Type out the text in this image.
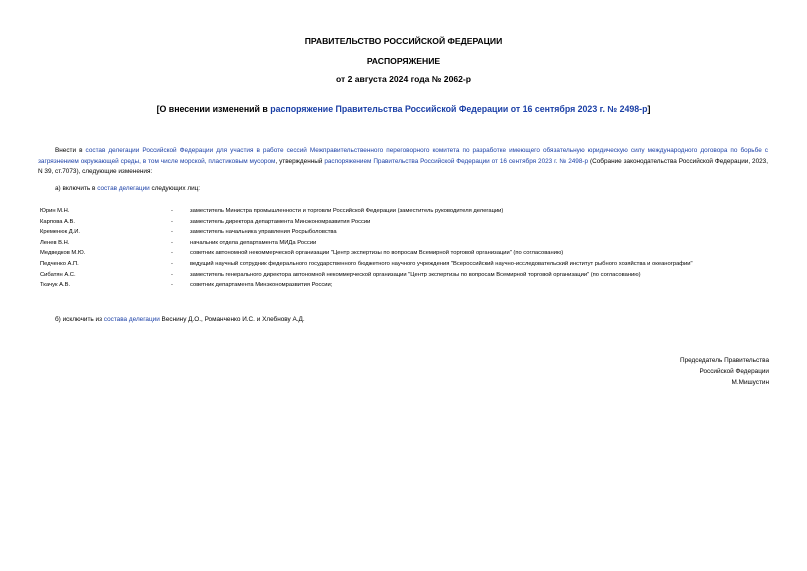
ПРАВИТЕЛЬСТВО РОССИЙСКОЙ ФЕДЕРАЦИИ
РАСПОРЯЖЕНИЕ
от 2 августа 2024 года № 2062-р
[О внесении изменений в распоряжение Правительства Российской Федерации от 16 сентября 2023 г. № 2498-р]
Внести в состав делегации Российской Федерации для участия в работе сессий Межправительственного переговорного комитета по разработке имеющего обязательную юридическую силу международного договора по борьбе с загрязнением окружающей среды, в том числе морской, пластиковым мусором, утвержденный распоряжением Правительства Российской Федерации от 16 сентября 2023 г. № 2498-р (Собрание законодательства Российской Федерации, 2023, N 39, ст.7073), следующие изменения:
а) включить в состав делегации следующих лиц:
Юрин М.Н.	-	заместитель Министра промышленности и торговли Российской Федерации (заместитель руководителя делегации)
Карпова А.В.	-	заместитель директора департамента Минэкономразвития России
Кременюк Д.И.	-	заместитель начальника управления Росрыболовства
Ленев В.Н.	-	начальник отдела департамента МИДа России
Медведков М.Ю.	-	советник автономной некоммерческой организации "Центр экспертизы по вопросам Всемирной торговой организации" (по согласованию)
Педченко А.П.	-	ведущий научный сотрудник федерального государственного бюджетного научного учреждения "Всероссийский научно-исследовательский институт рыбного хозяйства и океанографии"
Сибатян А.С.	-	заместитель генерального директора автономной некоммерческой организации "Центр экспертизы по вопросам Всемирной торговой организации" (по согласованию)
Ткачук А.В.	-	советник департамента Минэкономразвития России;
б) исключить из состава делегации Веснину Д.О., Романченко И.С. и Хлебнову А.Д.
Председатель Правительства
Российской Федерации
М.Мишустин
